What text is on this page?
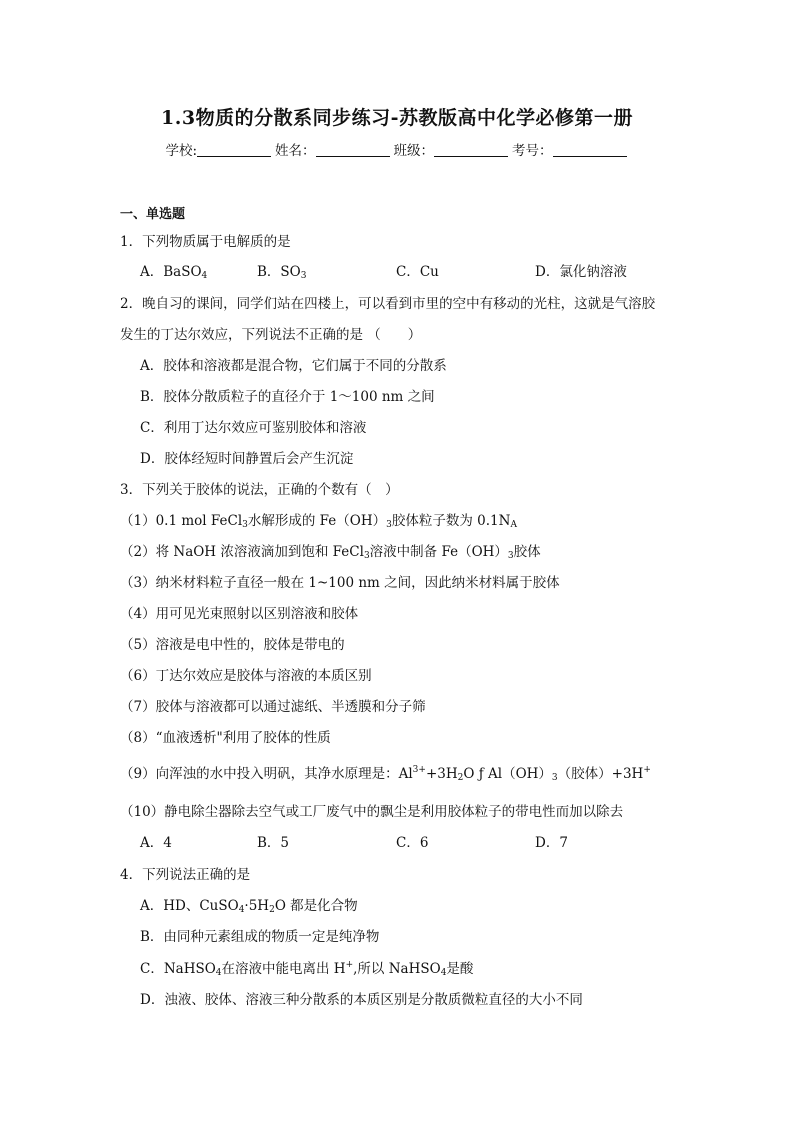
1.3物质的分散系同步练习-苏教版高中化学必修第一册
学校:	姓名：	班级：	考号：
一、单选题
1．下列物质属于电解质的是
A．BaSO$_4$	B．$SO_3$	C．Cu	D．氯化钠溶液
2．晚自习的课间，同学们站在四楼上，可以看到市里的空中有移动的光柱，这就是气溶胶
发生的丁达尔效应，下列说法不正确的是 （　　）
A．胶体和溶液都是混合物，它们属于不同的分散系
B．胶体分散质粒子的直径介于 1～100 nm 之间
C．利用丁达尔效应可鉴别胶体和溶液
D．胶体经短时间静置后会产生沉淀
3．下列关于胶体的说法，正确的个数有（　）
（1）0.1 mol FeCl$_3$水解形成的 $Fe(OH)_3$胶体粒子数为 $0.1N_A$
（2）将 NaOH 浓溶液滴加到饱和 FeCl$_3$溶液中制备 $Fe(OH)_3$胶体
（3）纳米材料粒子直径一般在 1~100 nm 之间，因此纳米材料属于胶体
（4）用可见光束照射以区别溶液和胶体
（5）溶液是电中性的，胶体是带电的
（6）丁达尔效应是胶体与溶液的本质区别
（7）胶体与溶液都可以通过滤纸、半透膜和分子筛
（8）“血液透析"利用了胶体的性质
（9）向浑浊的水中投入明矾，其净水原理是：$Al^{3+}+3H_2O$ ƒ $Al(OH)_3$（胶体）+3H+
（10）静电除尘器除去空气或工厂废气中的飘尘是利用胶体粒子的带电性而加以除去
A．4	B．5	C．6	D．7
4．下列说法正确的是
A．HD、$CuSO_4\cdot 5H_2O$ 都是化合物
B．由同种元素组成的物质一定是纯净物
C．NaHSO$_4$在溶液中能电离出 H+,所以 NaHSO$_4$是酸
D．浊液、胶体、溶液三种分散系的本质区别是分散质微粒直径的大小不同
